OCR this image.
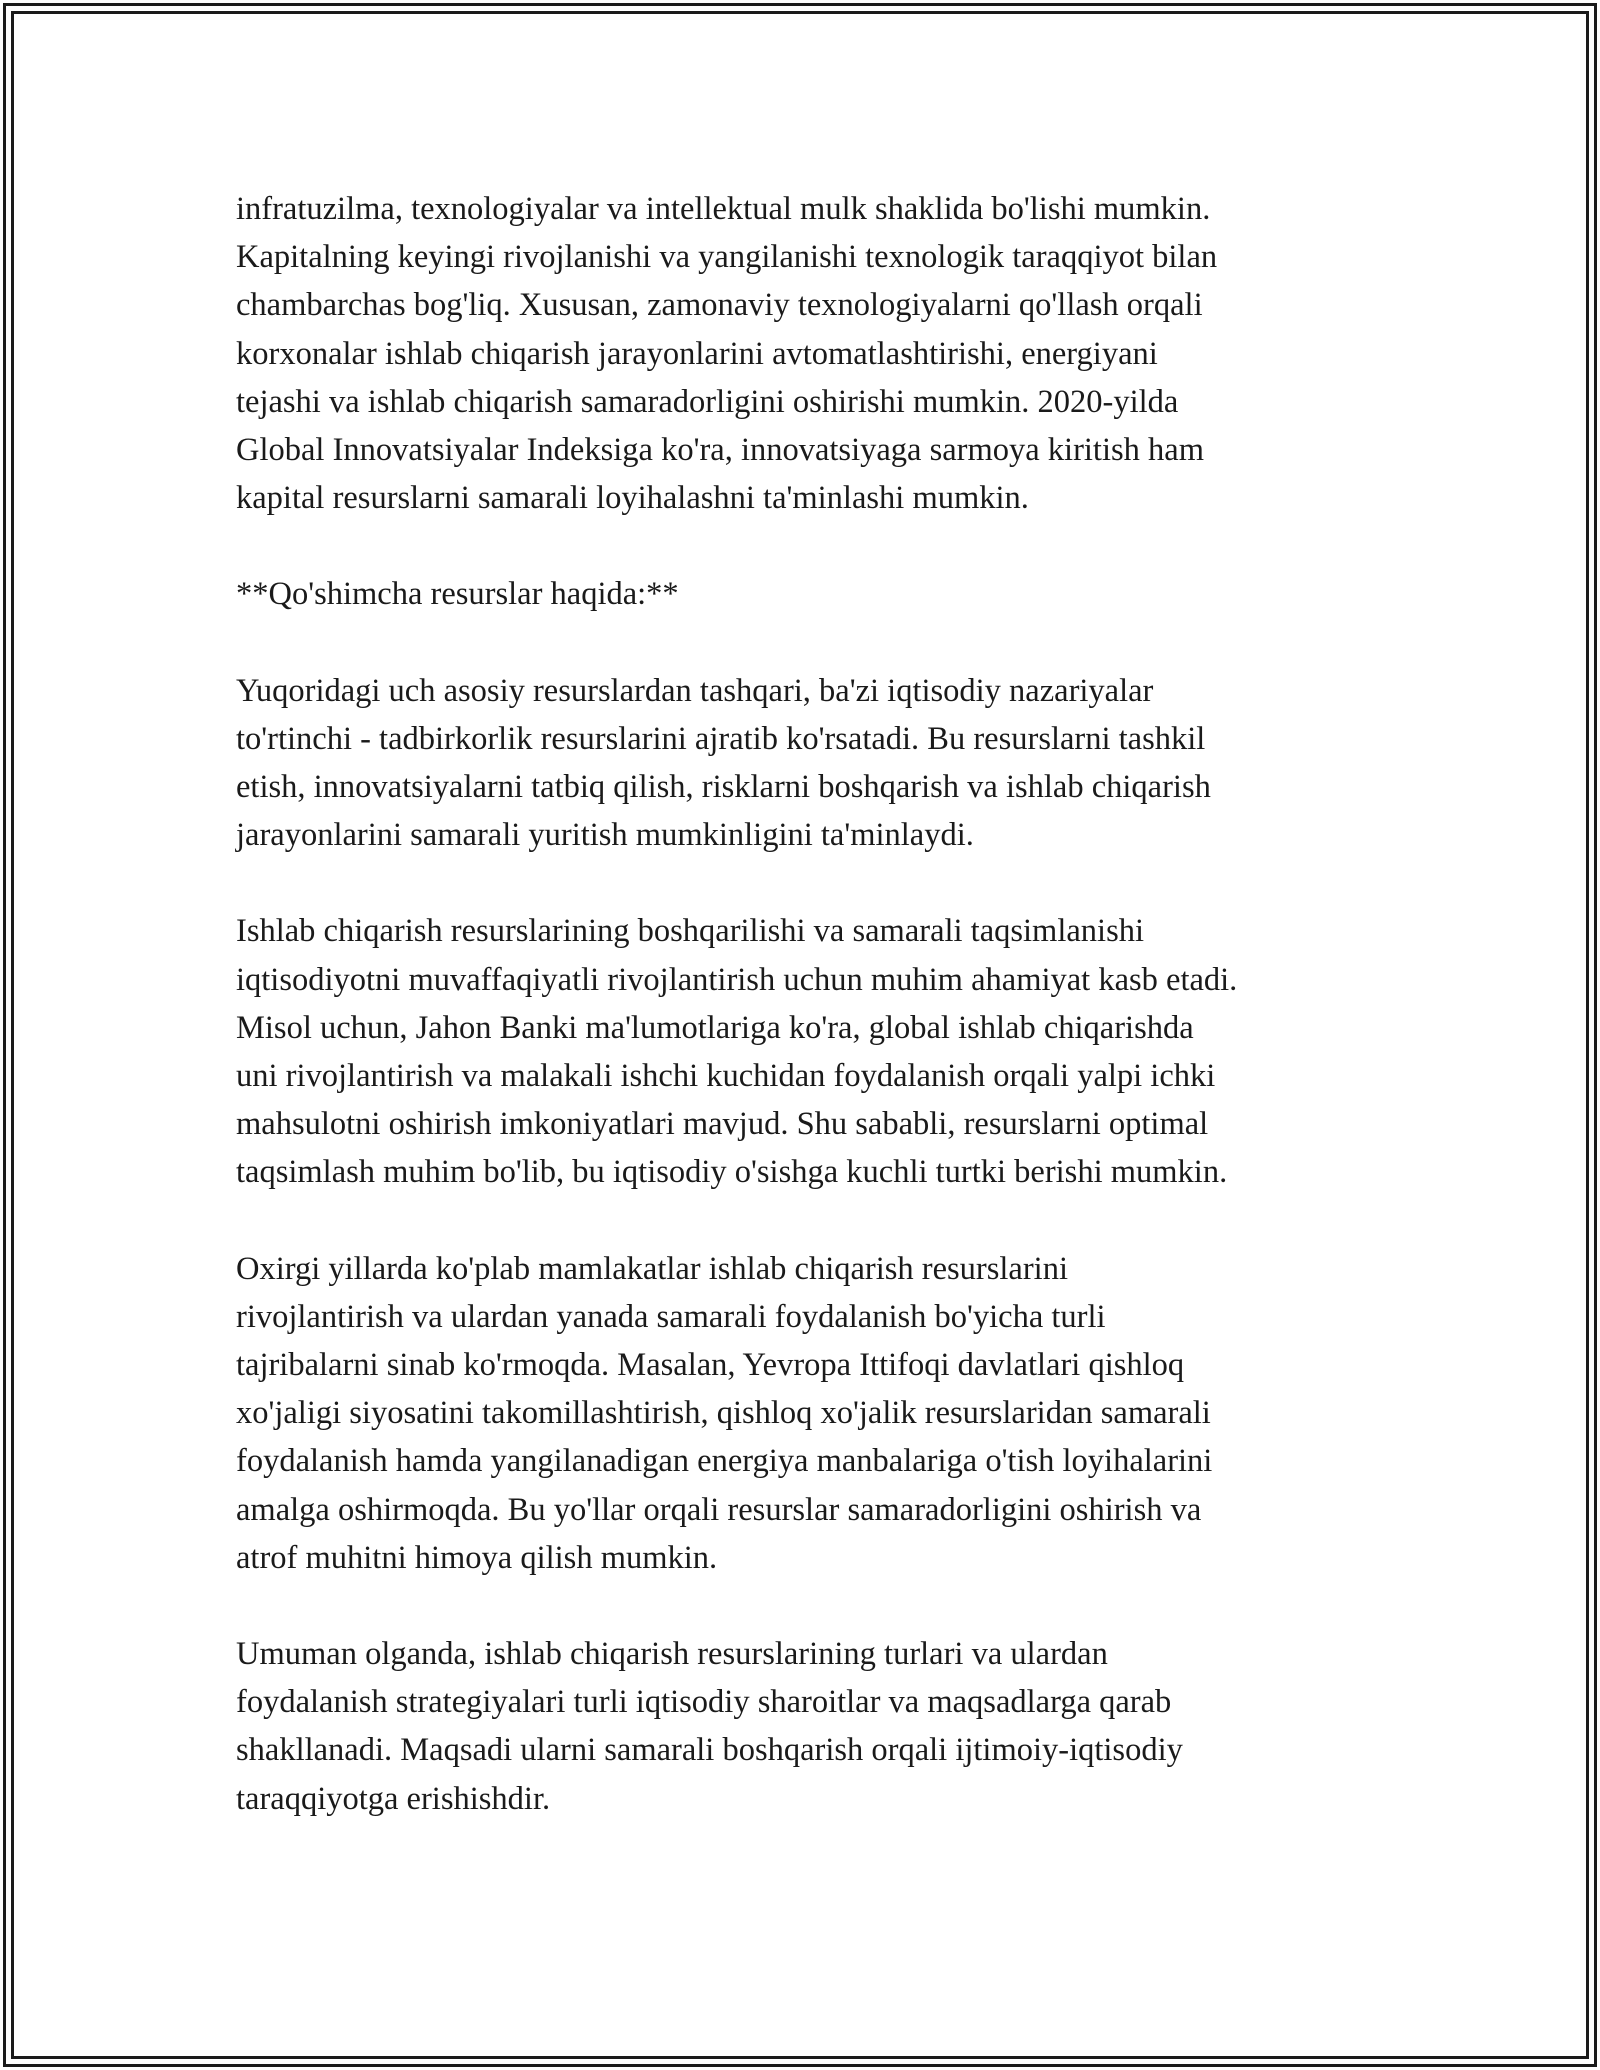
infratuzilma, texnologiyalar va intellektual mulk shaklida bo'lishi mumkin.
Kapitalning keyingi rivojlanishi va yangilanishi texnologik taraqqiyot bilan
chambarchas bog'liq. Xususan, zamonaviy texnologiyalarni qo'llash orqali
korxonalar ishlab chiqarish jarayonlarini avtomatlashtirishi, energiyani
tejashi va ishlab chiqarish samaradorligini oshirishi mumkin. 2020-yilda
Global Innovatsiyalar Indeksiga ko'ra, innovatsiyaga sarmoya kiritish ham
kapital resurslarni samarali loyihalashni ta'minlashi mumkin.

**Qo'shimcha resurslar haqida:**

Yuqoridagi uch asosiy resurslardan tashqari, ba'zi iqtisodiy nazariyalar
to'rtinchi - tadbirkorlik resurslarini ajratib ko'rsatadi. Bu resurslarni tashkil
etish, innovatsiyalarni tatbiq qilish, risklarni boshqarish va ishlab chiqarish
jarayonlarini samarali yuritish mumkinligini ta'minlaydi.

Ishlab chiqarish resurslarining boshqarilishi va samarali taqsimlanishi
iqtisodiyotni muvaffaqiyatli rivojlantirish uchun muhim ahamiyat kasb etadi.
Misol uchun, Jahon Banki ma'lumotlariga ko'ra, global ishlab chiqarishda
uni rivojlantirish va malakali ishchi kuchidan foydalanish orqali yalpi ichki
mahsulotni oshirish imkoniyatlari mavjud. Shu sababli, resurslarni optimal
taqsimlash muhim bo'lib, bu iqtisodiy o'sishga kuchli turtki berishi mumkin.

Oxirgi yillarda ko'plab mamlakatlar ishlab chiqarish resurslarini
rivojlantirish va ulardan yanada samarali foydalanish bo'yicha turli
tajribalarni sinab ko'rmoqda. Masalan, Yevropa Ittifoqi davlatlari qishloq
xo'jaligi siyosatini takomillashtirish, qishloq xo'jalik resurslaridan samarali
foydalanish hamda yangilanadigan energiya manbalariga o'tish loyihalarini
amalga oshirmoqda. Bu yo'llar orqali resurslar samaradorligini oshirish va
atrof muhitni himoya qilish mumkin.

Umuman olganda, ishlab chiqarish resurslarining turlari va ulardan
foydalanish strategiyalari turli iqtisodiy sharoitlar va maqsadlarga qarab
shakllanadi. Maqsadi ularni samarali boshqarish orqali ijtimoiy-iqtisodiy
taraqqiyotga erishishdir.
